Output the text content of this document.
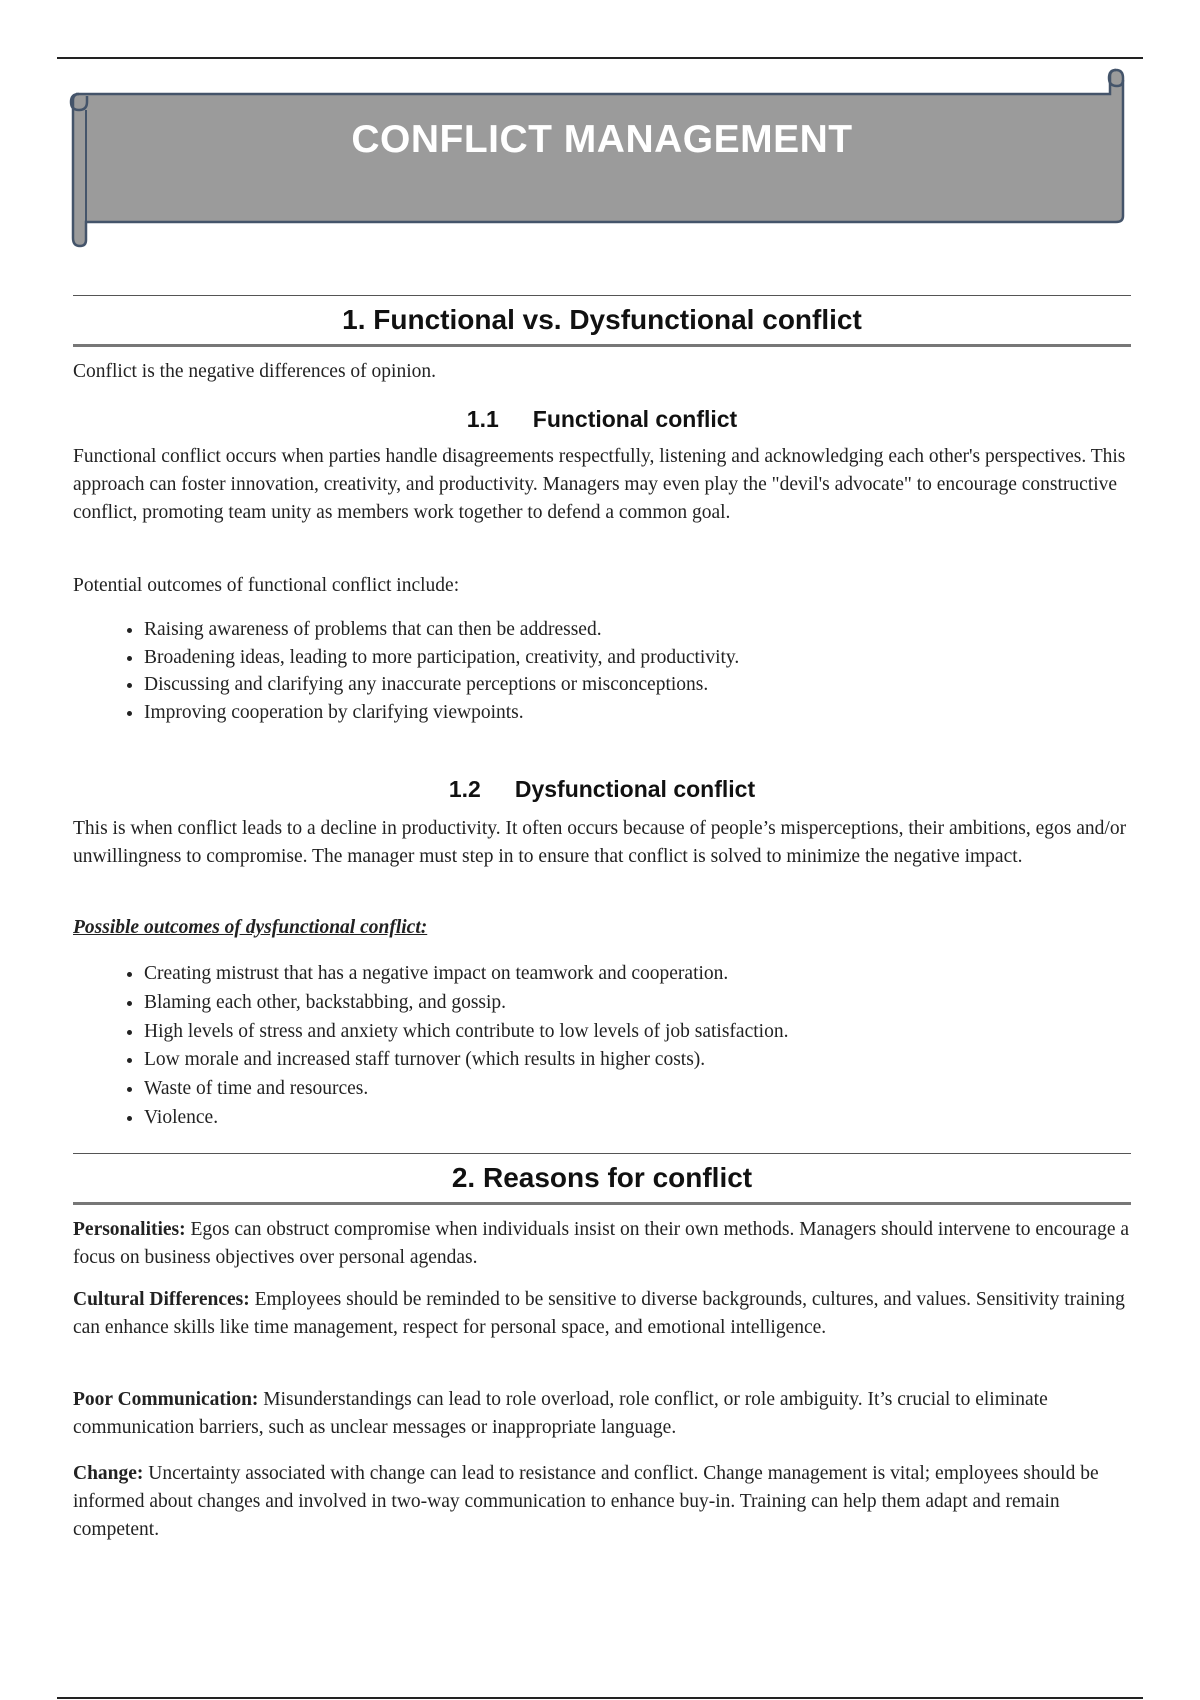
CONFLICT MANAGEMENT
1. Functional vs. Dysfunctional conflict

Conflict is the negative differences of opinion.

1.1 Functional conflict

Functional conflict occurs when parties handle disagreements respectfully, listening and acknowledging each other's perspectives. This approach can foster innovation, creativity, and productivity. Managers may even play the "devil's advocate" to encourage constructive conflict, promoting team unity as members work together to defend a common goal.

Potential outcomes of functional conflict include:

• Raising awareness of problems that can then be addressed.
• Broadening ideas, leading to more participation, creativity, and productivity.
• Discussing and clarifying any inaccurate perceptions or misconceptions.
• Improving cooperation by clarifying viewpoints.
1.2 Dysfunctional conflict

This is when conflict leads to a decline in productivity. It often occurs because of people’s misperceptions, their ambitions, egos and/or unwillingness to compromise. The manager must step in to ensure that conflict is solved to minimize the negative impact.

Possible outcomes of dysfunctional conflict:

• Creating mistrust that has a negative impact on teamwork and cooperation.
• Blaming each other, backstabbing, and gossip.
• High levels of stress and anxiety which contribute to low levels of job satisfaction.
• Low morale and increased staff turnover (which results in higher costs).
• Waste of time and resources.
• Violence.
2. Reasons for conflict

Personalities: Egos can obstruct compromise when individuals insist on their own methods. Managers should intervene to encourage a focus on business objectives over personal agendas.

Cultural Differences: Employees should be reminded to be sensitive to diverse backgrounds, cultures, and values. Sensitivity training can enhance skills like time management, respect for personal space, and emotional intelligence.

Poor Communication: Misunderstandings can lead to role overload, role conflict, or role ambiguity. It’s crucial to eliminate communication barriers, such as unclear messages or inappropriate language.

Change: Uncertainty associated with change can lead to resistance and conflict. Change management is vital; employees should be informed about changes and involved in two-way communication to enhance buy-in. Training can help them adapt and remain competent.
